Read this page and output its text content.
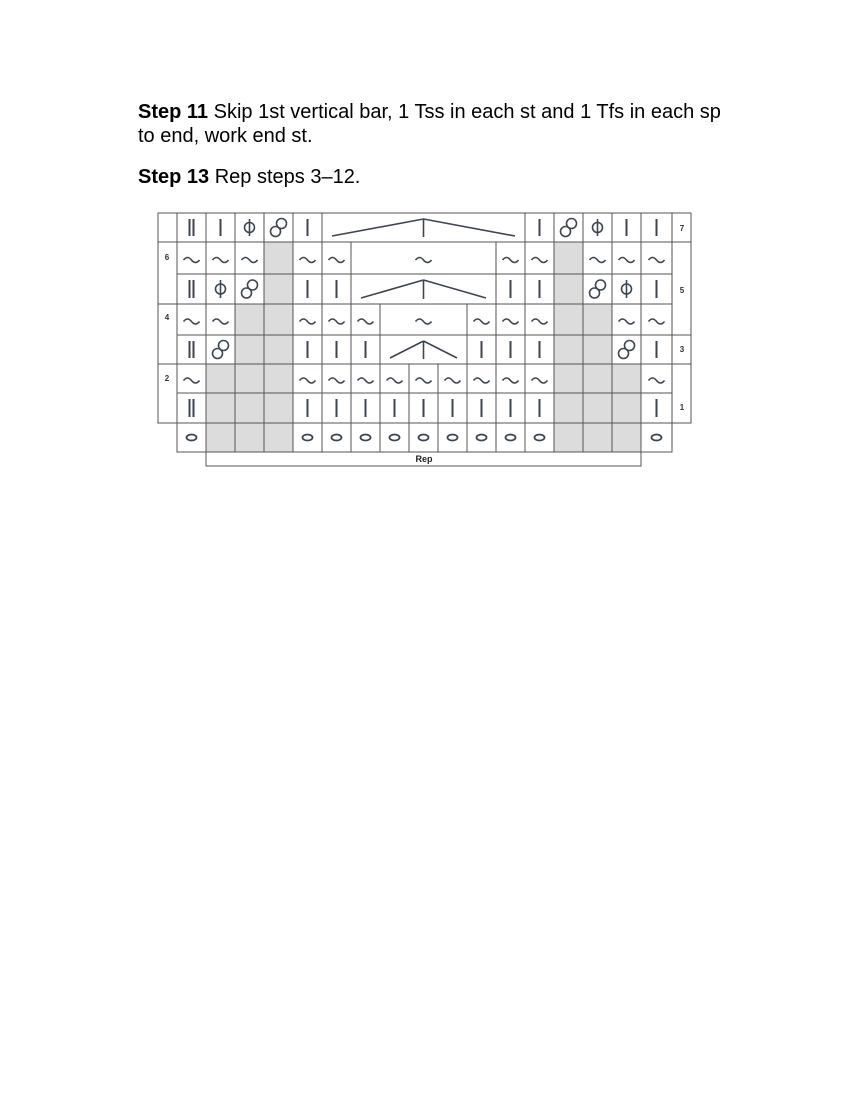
Step 11 Skip 1st vertical bar, 1 Tss in each st and 1 Tfs in each sp to end, work end st.

Step 13 Rep steps 3–12.

7
6
5
4
3
2
1
Rep
